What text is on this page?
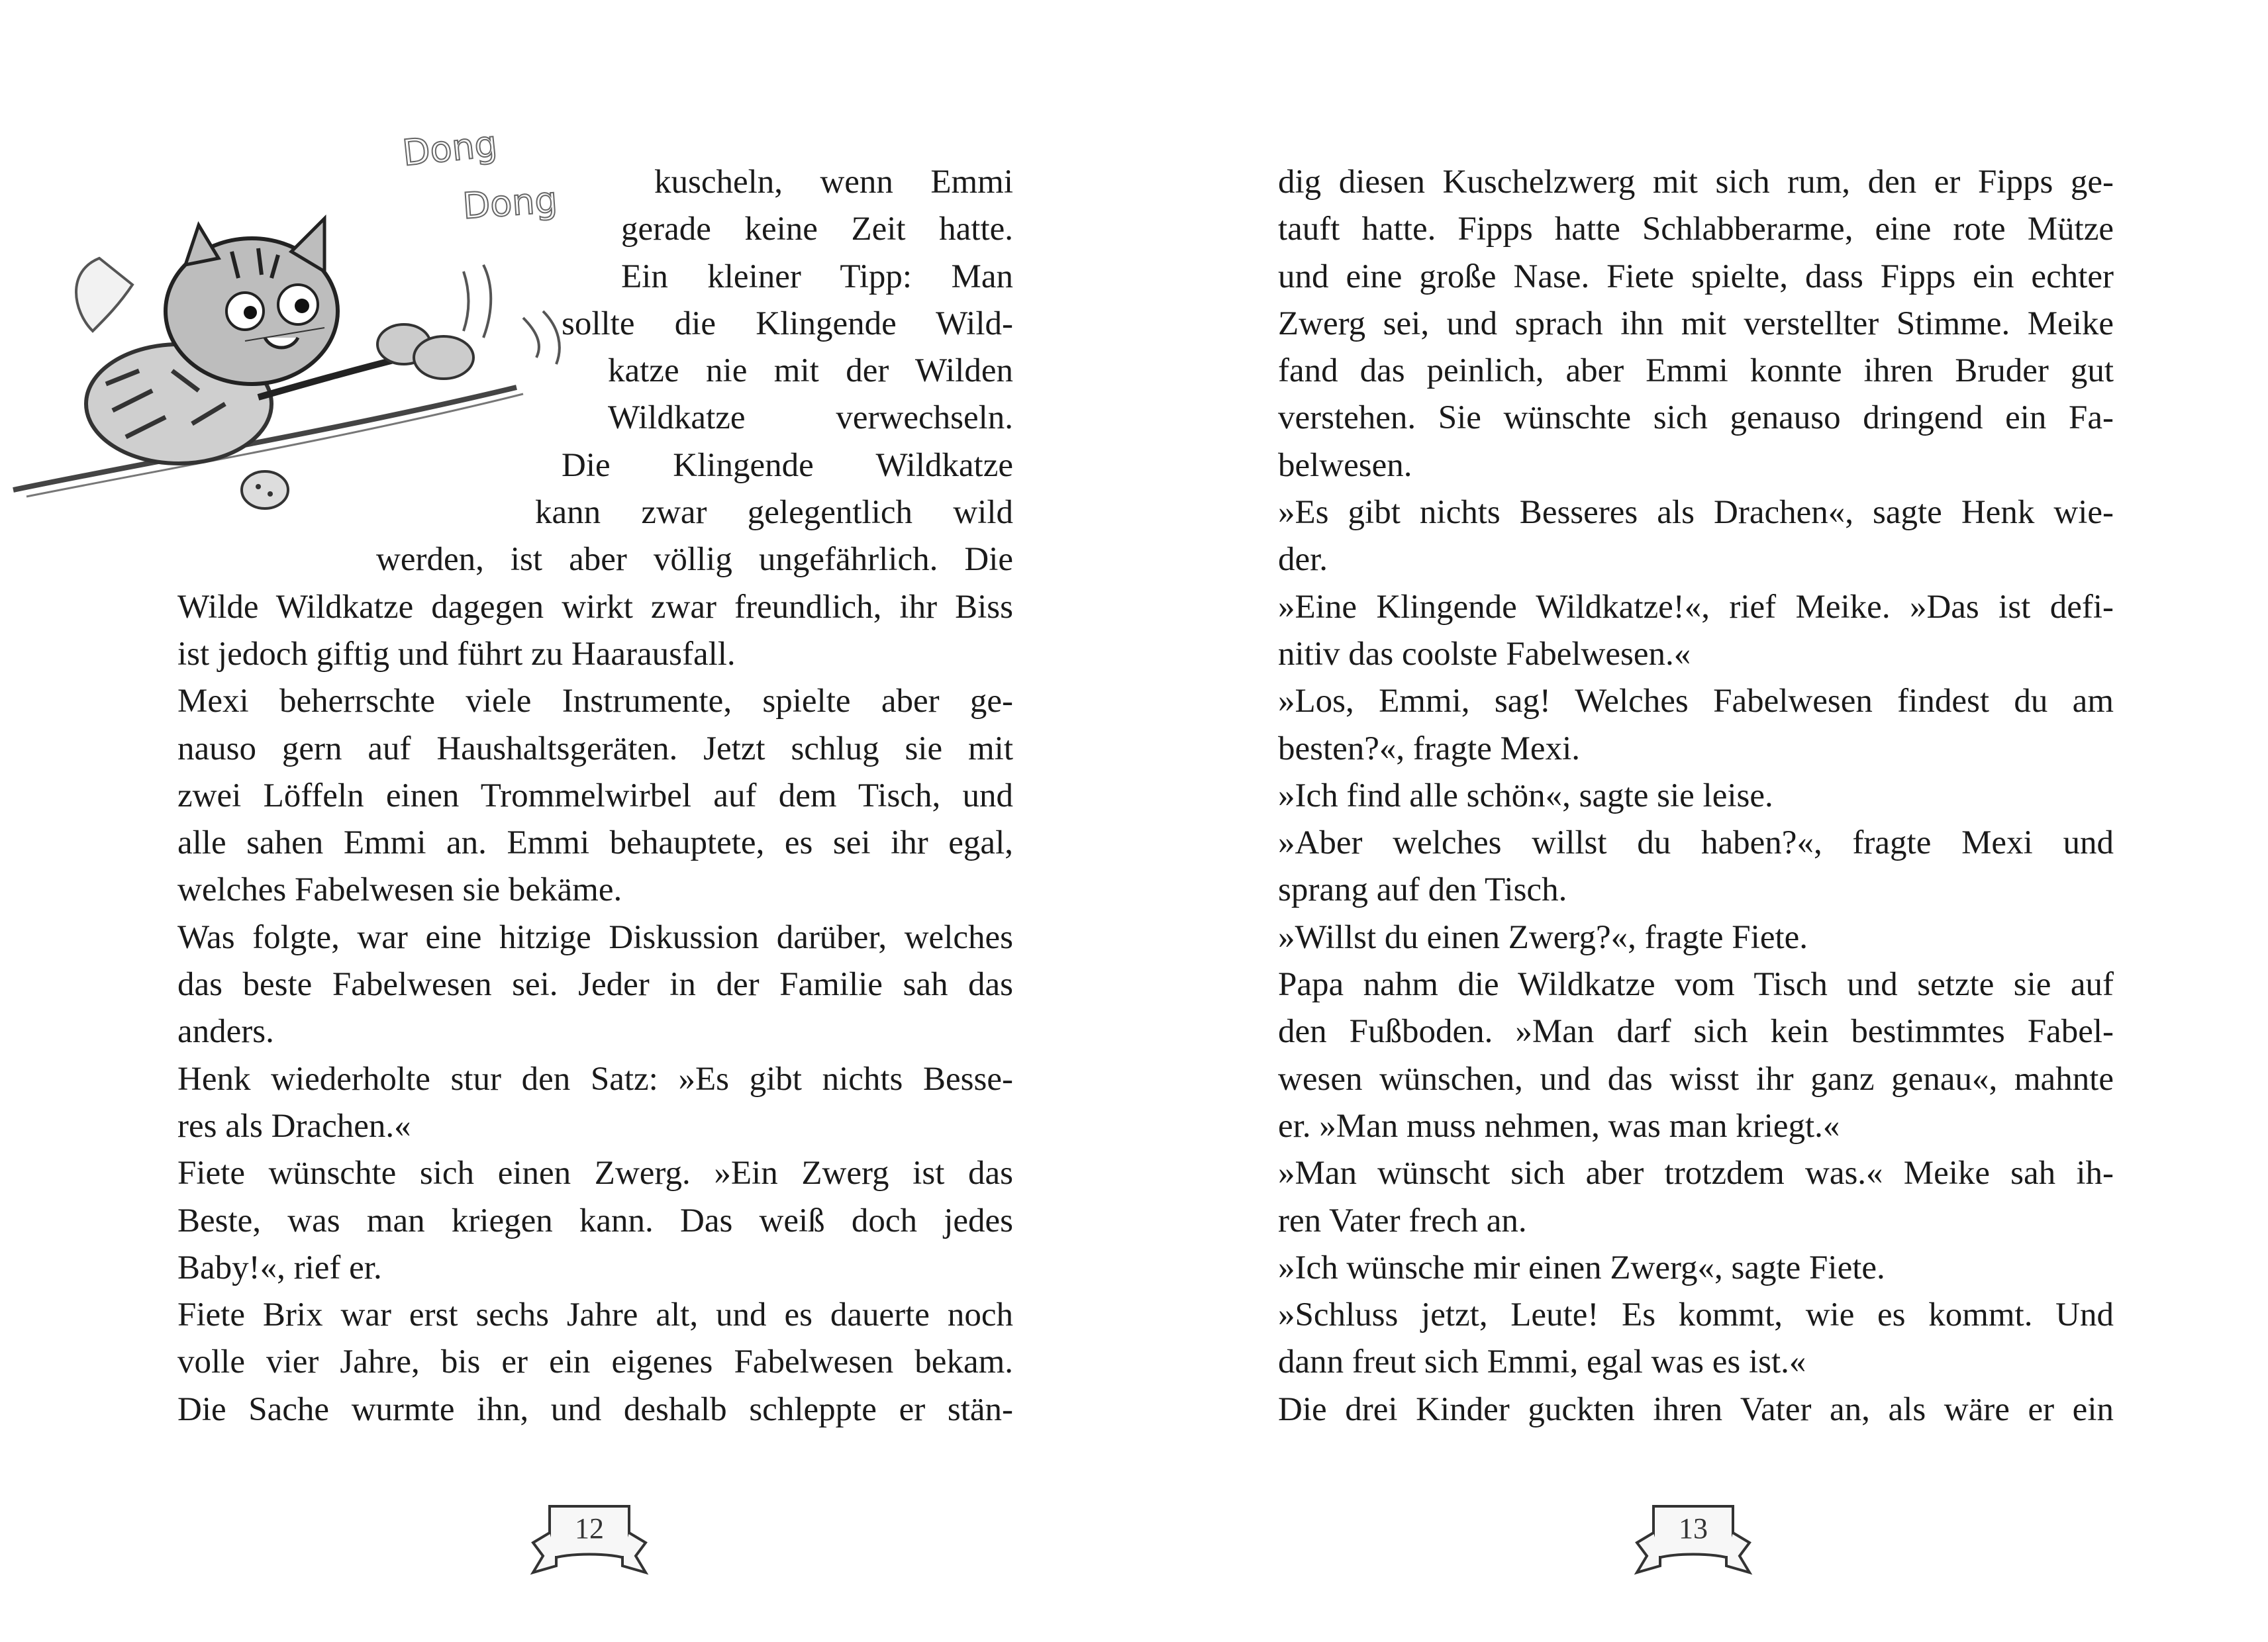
Dong
Dong	kuscheln, wenn Emmi
gerade keine Zeit hatte.
Ein kleiner Tipp: Man
sollte die Klingende Wild-
katze nie mit der Wilden
Wildkatze verwechseln.
Die Klingende Wildkatze
kann zwar gelegentlich wild
werden, ist aber völlig ungefährlich. Die
Wilde Wildkatze dagegen wirkt zwar freundlich, ihr Biss
ist jedoch giftig und führt zu Haarausfall.
Mexi beherrschte viele Instrumente, spielte aber ge-
nauso gern auf Haushaltsgeräten. Jetzt schlug sie mit
zwei Löffeln einen Trommelwirbel auf dem Tisch, und
alle sahen Emmi an. Emmi behauptete, es sei ihr egal,
welches Fabelwesen sie bekäme.
Was folgte, war eine hitzige Diskussion darüber, welches
das beste Fabelwesen sei. Jeder in der Familie sah das
anders.
Henk wiederholte stur den Satz: »Es gibt nichts Besse-
res als Drachen.«
Fiete wünschte sich einen Zwerg. »Ein Zwerg ist das
Beste, was man kriegen kann. Das weiß doch jedes
Baby!«, rief er.
Fiete Brix war erst sechs Jahre alt, und es dauerte noch
volle vier Jahre, bis er ein eigenes Fabelwesen bekam.
Die Sache wurmte ihn, und deshalb schleppte er stän-
12
dig diesen Kuschelzwerg mit sich rum, den er Fipps ge-
tauft hatte. Fipps hatte Schlabberarme, eine rote Mütze
und eine große Nase. Fiete spielte, dass Fipps ein echter
Zwerg sei, und sprach ihn mit verstellter Stimme. Meike
fand das peinlich, aber Emmi konnte ihren Bruder gut
verstehen. Sie wünschte sich genauso dringend ein Fa-
belwesen.
»Es gibt nichts Besseres als Drachen«, sagte Henk wie-
der.
»Eine Klingende Wildkatze!«, rief Meike. »Das ist defi-
nitiv das coolste Fabelwesen.«
»Los, Emmi, sag! Welches Fabelwesen findest du am
besten?«, fragte Mexi.
»Ich find alle schön«, sagte sie leise.
»Aber welches willst du haben?«, fragte Mexi und
sprang auf den Tisch.
»Willst du einen Zwerg?«, fragte Fiete.
Papa nahm die Wildkatze vom Tisch und setzte sie auf
den Fußboden. »Man darf sich kein bestimmtes Fabel-
wesen wünschen, und das wisst ihr ganz genau«, mahnte
er. »Man muss nehmen, was man kriegt.«
»Man wünscht sich aber trotzdem was.« Meike sah ih-
ren Vater frech an.
»Ich wünsche mir einen Zwerg«, sagte Fiete.
»Schluss jetzt, Leute! Es kommt, wie es kommt. Und
dann freut sich Emmi, egal was es ist.«
Die drei Kinder guckten ihren Vater an, als wäre er ein
13
